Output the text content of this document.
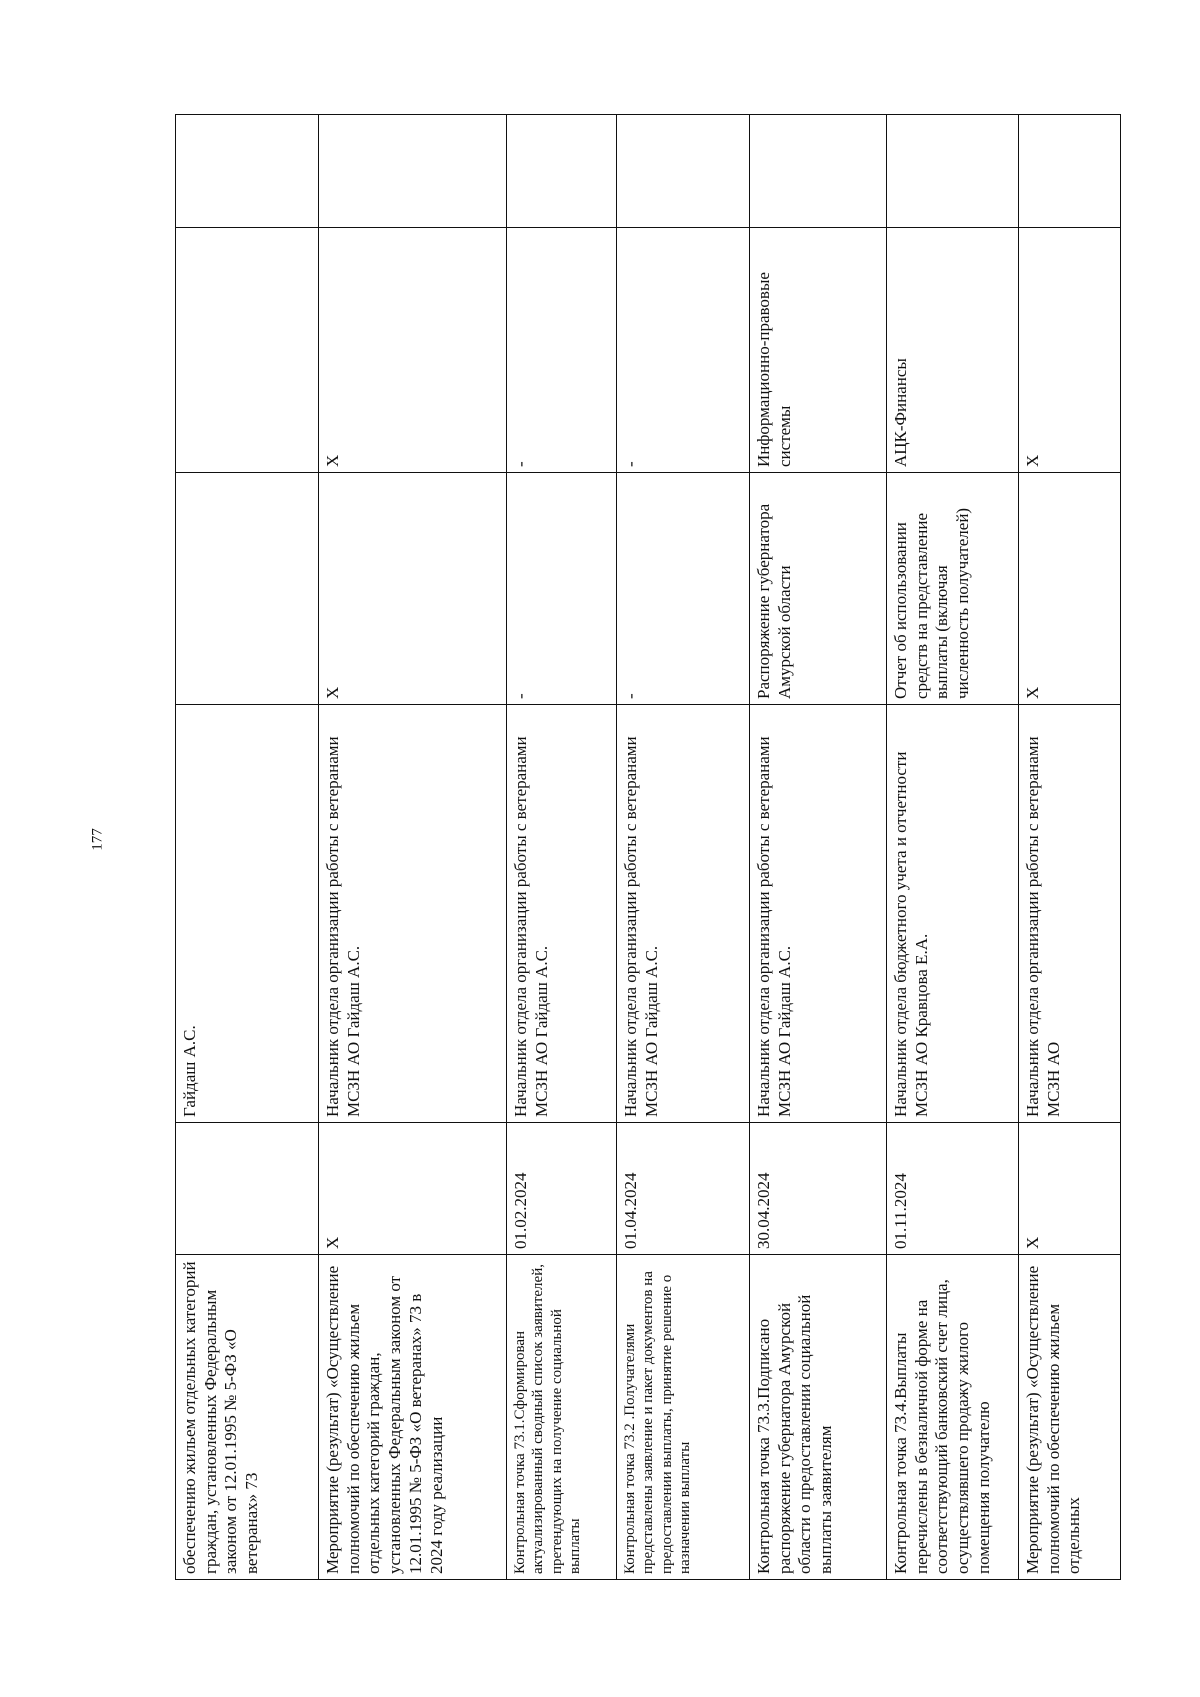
177
обеспечению жильем отдельных категорий граждан, установленных Федеральным законом от 12.01.1995 № 5-ФЗ «О ветеранах» 73		Гайдаш А.С.			
Мероприятие (результат) «Осуществление полномочий по обеспечению жильем отдельных категорий граждан, установленных Федеральным законом от 12.01.1995 № 5-ФЗ «О ветеранах» 73 в 2024 году реализации	Х	Начальник отдела организации работы с ветеранами МСЗН АО Гайдаш А.С.	Х	Х	
Контрольная точка 73.1.Сформирован актуализированный сводный список заявителей, претендующих на получение социальной выплаты	01.02.2024	Начальник отдела организации работы с ветеранами МСЗН АО Гайдаш А.С.	-	-	
Контрольная точка 73.2 .Получателями представлены заявление и пакет документов на предоставлении выплаты, принятие решение о назначении выплаты	01.04.2024	Начальник отдела организации работы с ветеранами МСЗН АО Гайдаш А.С.	-	-	
Контрольная точка 73.3.Подписано распоряжение губернатора Амурской области о предоставлении социальной выплаты заявителям	30.04.2024	Начальник отдела организации работы с ветеранами МСЗН АО Гайдаш А.С.	Распоряжение губернатора Амурской области	Информационно-правовые системы	
Контрольная точка 73.4.Выплаты перечислены в безналичной форме на соответствующий банковский счет лица, осуществлявшего продажу жилого помещения получателю	01.11.2024	Начальник отдела бюджетного учета и отчетности МСЗН АО Кравцова Е.А.	Отчет об использовании средств на представление выплаты (включая численность получателей)	АЦК-Финансы	
Мероприятие (результат) «Осуществление полномочий по обеспечению жильем отдельных	Х	Начальник отдела организации работы с ветеранами МСЗН АО	Х	Х	
